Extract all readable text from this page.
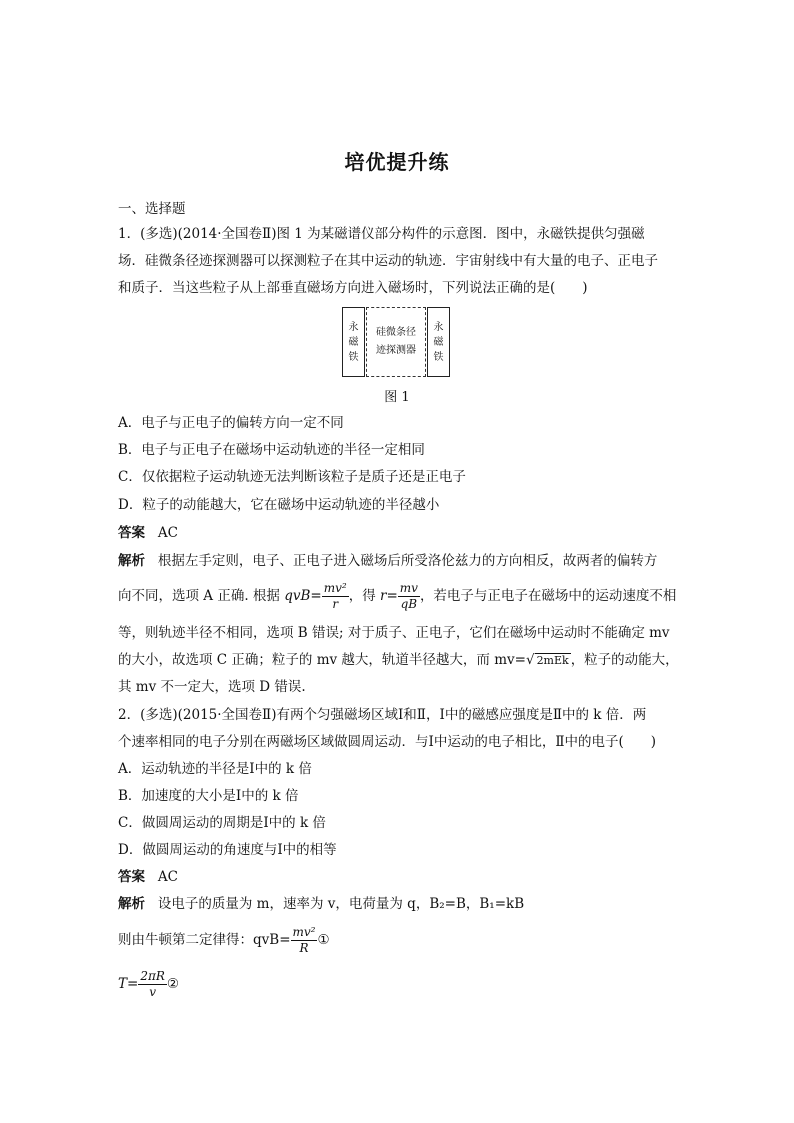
培优提升练
一、选择题
1．(多选)(2014·全国卷Ⅱ)图 1 为某磁谱仪部分构件的示意图．图中，永磁铁提供匀强磁
场．硅微条径迹探测器可以探测粒子在其中运动的轨迹．宇宙射线中有大量的电子、正电子
和质子．当这些粒子从上部垂直磁场方向进入磁场时，下列说法正确的是(　　)
永
磁
铁
硅微条径
迹探测器
永
磁
铁
图 1
A．电子与正电子的偏转方向一定不同
B．电子与正电子在磁场中运动轨迹的半径一定相同
C．仅依据粒子运动轨迹无法判断该粒子是质子还是正电子
D．粒子的动能越大，它在磁场中运动轨迹的半径越小
答案 AC
解析 根据左手定则，电子、正电子进入磁场后所受洛伦兹力的方向相反，故两者的偏转方
向不同，选项 A 正确. 根据 $qvB= \frac{\text{mv²}}{r}$ ，得 $r= \frac{mv}{qB}$ ，若电子与正电子在磁场中的运动速度不相
等，则轨迹半径不相同，选项 B 错误; 对于质子、正电子，它们在磁场中运动时不能确定 mv
的大小，故选项 C 正确；粒子的 mv 越大，轨道半径越大，而 mv=√ 2mEk ，粒子的动能大，
其 mv 不一定大，选项 D 错误.
2．(多选)(2015·全国卷Ⅱ)有两个匀强磁场区域Ⅰ和Ⅱ，Ⅰ中的磁感应强度是Ⅱ中的 k 倍．两
个速率相同的电子分别在两磁场区域做圆周运动．与Ⅰ中运动的电子相比，Ⅱ中的电子(　　)
A．运动轨迹的半径是Ⅰ中的 k 倍
B．加速度的大小是Ⅰ中的 k 倍
C．做圆周运动的周期是Ⅰ中的 k 倍
D．做圆周运动的角速度与Ⅰ中的相等
答案 AC
解析 设电子的质量为 m，速率为 v，电荷量为 q，B₂=B，B₁=kB
则由牛顿第二定律得：$qvB= \frac{\text{mv²}}{R}$ ①
$T= \frac{2\pi R}{v}$ ②
